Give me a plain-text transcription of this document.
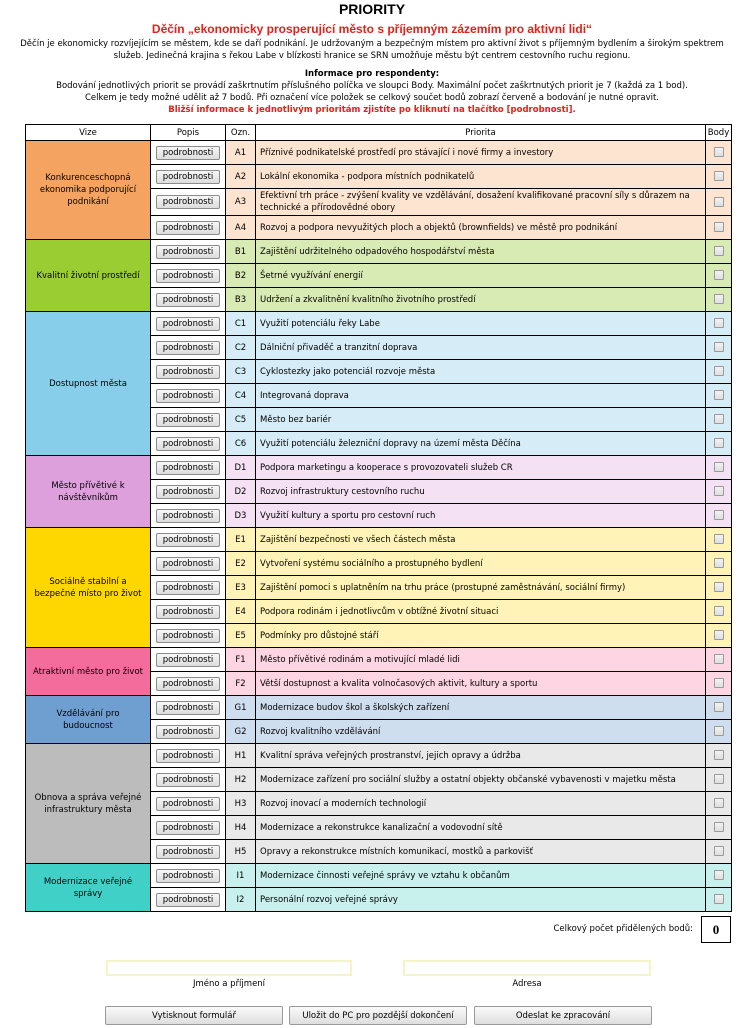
PRIORITY
Děčín „ekonomicky prosperující město s příjemným zázemím pro aktivní lidi“
Děčín je ekonomicky rozvíjejícím se městem, kde se daří podnikání. Je udržovaným a bezpečným místem pro aktivní život s příjemným bydlením a širokým spektrem služeb. Jedinečná krajina s řekou Labe v blízkosti hranice se SRN umožňuje městu být centrem cestovního ruchu regionu.
Informace pro respondenty:
Bodování jednotlivých priorit se provádí zaškrtnutím příslušného políčka ve sloupci Body. Maximální počet zaškrtnutých priorit je 7 (každá za 1 bod).
Celkem je tedy možné udělit až 7 bodů. Při označení více položek se celkový součet bodů zobrazí červeně a bodování je nutné opravit.
Bližší informace k jednotlivým prioritám zjistíte po kliknutí na tlačítko [podrobnosti].
Vize	Popis	Ozn.	Priorita	Body
Konkurenceschopná ekonomika podporující podnikání	podrobnosti	A1	Příznivé podnikatelské prostředí pro stávající i nové firmy a investory	
	podrobnosti	A2	Lokální ekonomika - podpora místních podnikatelů	
	podrobnosti	A3	Efektivní trh práce - zvýšení kvality ve vzdělávání, dosažení kvalifikované pracovní síly s důrazem na technické a přírodovědné obory	
	podrobnosti	A4	Rozvoj a podpora nevyužitých ploch a objektů (brownfields) ve městě pro podnikání	
Kvalitní životní prostředí	podrobnosti	B1	Zajištění udržitelného odpadového hospodářství města	
	podrobnosti	B2	Šetrné využívání energií	
	podrobnosti	B3	Udržení a zkvalitnění kvalitního životního prostředí	
Dostupnost města	podrobnosti	C1	Využití potenciálu řeky Labe	
	podrobnosti	C2	Dálniční přivaděč a tranzitní doprava	
	podrobnosti	C3	Cyklostezky jako potenciál rozvoje města	
	podrobnosti	C4	Integrovaná doprava	
	podrobnosti	C5	Město bez bariér	
	podrobnosti	C6	Využití potenciálu železniční dopravy na území města Děčína	
Město přívětivé k návštěvníkům	podrobnosti	D1	Podpora marketingu a kooperace s provozovateli služeb CR	
	podrobnosti	D2	Rozvoj infrastruktury cestovního ruchu	
	podrobnosti	D3	Využití kultury a sportu pro cestovní ruch	
Sociálně stabilní a bezpečné místo pro život	podrobnosti	E1	Zajištění bezpečnosti ve všech částech města	
	podrobnosti	E2	Vytvoření systému sociálního a prostupného bydlení	
	podrobnosti	E3	Zajištění pomoci s uplatněním na trhu práce (prostupné zaměstnávání, sociální firmy)	
	podrobnosti	E4	Podpora rodinám i jednotlivcům v obtížné životní situaci	
	podrobnosti	E5	Podmínky pro důstojné stáří	
Atraktivní město pro život	podrobnosti	F1	Město přívětivé rodinám a motivující mladé lidi	
	podrobnosti	F2	Větší dostupnost a kvalita volnočasových aktivit, kultury a sportu	
Vzdělávání pro budoucnost	podrobnosti	G1	Modernizace budov škol a školských zařízení	
	podrobnosti	G2	Rozvoj kvalitního vzdělávání	
Obnova a správa veřejné infrastruktury města	podrobnosti	H1	Kvalitní správa veřejných prostranství, jejich opravy a údržba	
	podrobnosti	H2	Modernizace zařízení pro sociální služby a ostatní objekty občanské vybavenosti v majetku města	
	podrobnosti	H3	Rozvoj inovací a moderních technologií	
	podrobnosti	H4	Modernizace a rekonstrukce kanalizační a vodovodní sítě	
	podrobnosti	H5	Opravy a rekonstrukce místních komunikací, mostků a parkovišť	
Modernizace veřejné správy	podrobnosti	I1	Modernizace činnosti veřejné správy ve vztahu k občanům	
	podrobnosti	I2	Personální rozvoj veřejné správy	
Celkový počet přidělených bodů:	0
Jméno a příjmení	Adresa
Vytisknout formulář	Uložit do PC pro pozdější dokončení	Odeslat ke zpracování
